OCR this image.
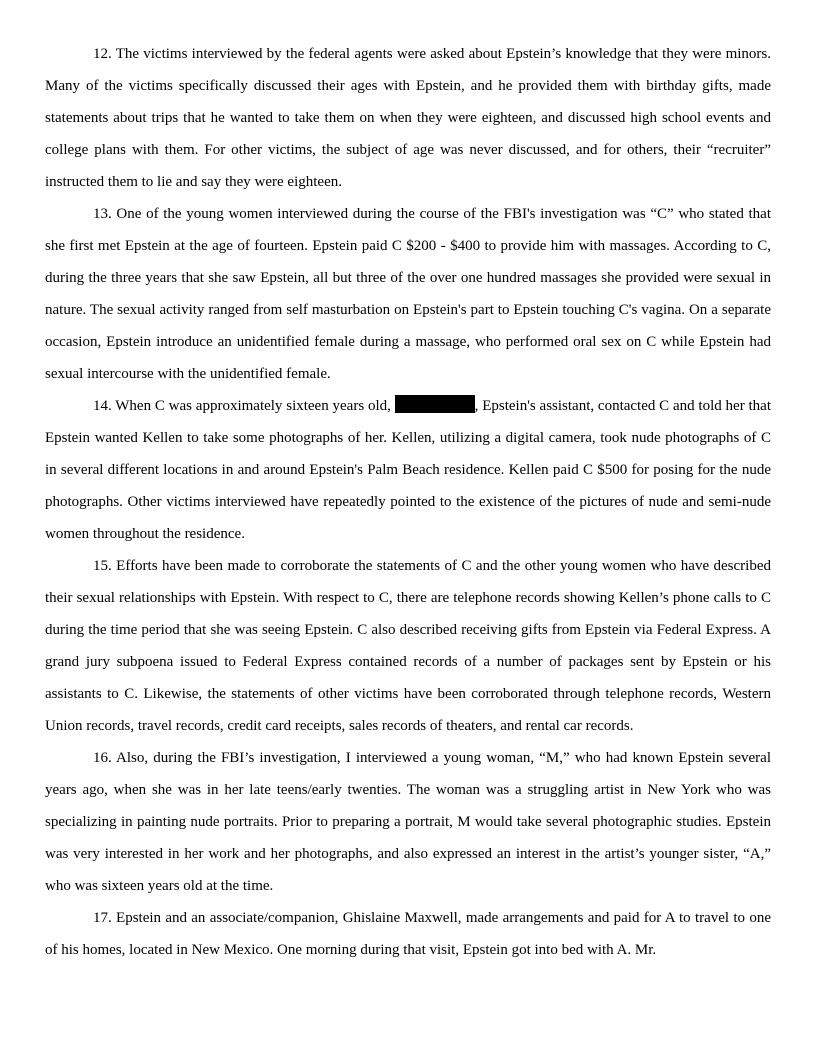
12. The victims interviewed by the federal agents were asked about Epstein’s knowledge that they were minors. Many of the victims specifically discussed their ages with Epstein, and he provided them with birthday gifts, made statements about trips that he wanted to take them on when they were eighteen, and discussed high school events and college plans with them. For other victims, the subject of age was never discussed, and for others, their “recruiter” instructed them to lie and say they were eighteen.

13. One of the young women interviewed during the course of the FBI's investigation was “C” who stated that she first met Epstein at the age of fourteen. Epstein paid C $200 - $400 to provide him with massages. According to C, during the three years that she saw Epstein, all but three of the over one hundred massages she provided were sexual in nature. The sexual activity ranged from self masturbation on Epstein's part to Epstein touching C's vagina. On a separate occasion, Epstein introduce an unidentified female during a massage, who performed oral sex on C while Epstein had sexual intercourse with the unidentified female.

14. When C was approximately sixteen years old,	, Epstein's assistant, contacted C and told her that Epstein wanted Kellen to take some photographs of her. Kellen, utilizing a digital camera, took nude photographs of C in several different locations in and around Epstein's Palm Beach residence. Kellen paid C $500 for posing for the nude photographs. Other victims interviewed have repeatedly pointed to the existence of the pictures of nude and semi-nude women throughout the residence.

15. Efforts have been made to corroborate the statements of C and the other young women who have described their sexual relationships with Epstein. With respect to C, there are telephone records showing Kellen’s phone calls to C during the time period that she was seeing Epstein. C also described receiving gifts from Epstein via Federal Express. A grand jury subpoena issued to Federal Express contained records of a number of packages sent by Epstein or his assistants to C. Likewise, the statements of other victims have been corroborated through telephone records, Western Union records, travel records, credit card receipts, sales records of theaters, and rental car records.

16. Also, during the FBI’s investigation, I interviewed a young woman, “M,” who had known Epstein several years ago, when she was in her late teens/early twenties. The woman was a struggling artist in New York who was specializing in painting nude portraits. Prior to preparing a portrait, M would take several photographic studies. Epstein was very interested in her work and her photographs, and also expressed an interest in the artist’s younger sister, “A,” who was sixteen years old at the time.

17. Epstein and an associate/companion, Ghislaine Maxwell, made arrangements and paid for A to travel to one of his homes, located in New Mexico. One morning during that visit, Epstein got into bed with A. Mr.
